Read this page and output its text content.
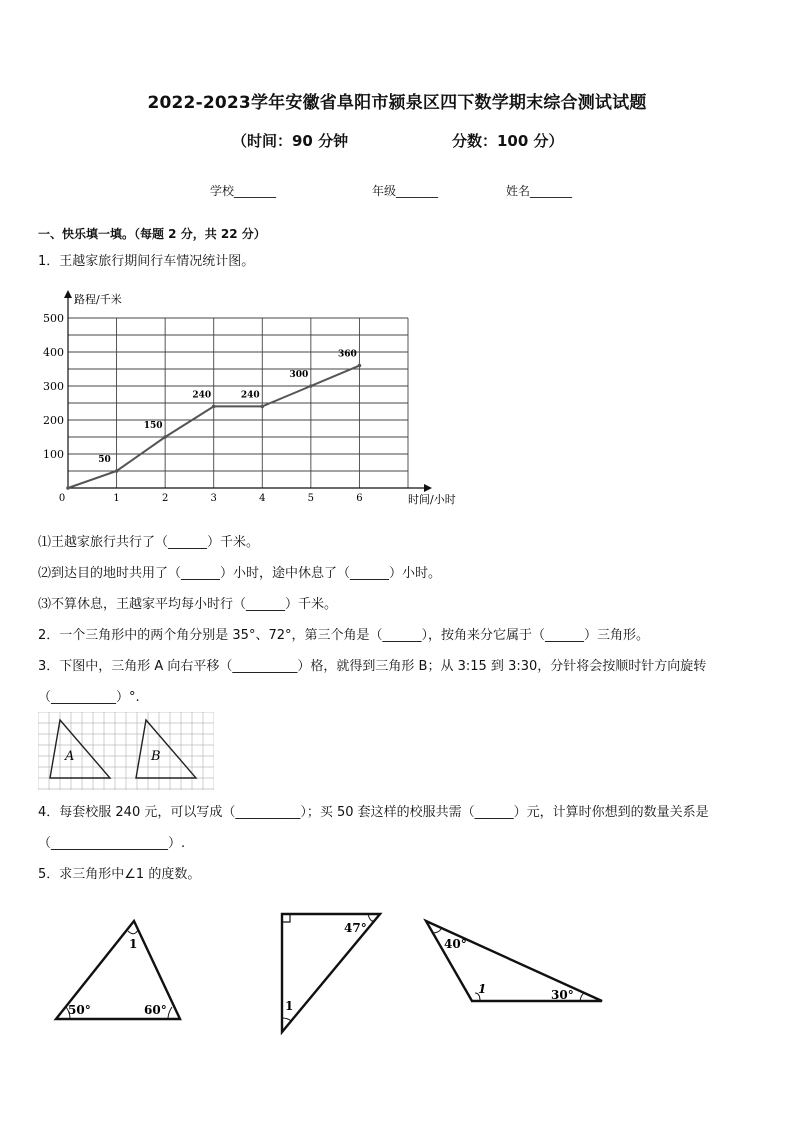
2022-2023学年安徽省阜阳市颍泉区四下数学期末综合测试试题
（时间：90 分钟	分数：100 分）
学校_______	年级_______	姓名_______
一、快乐填一填。（每题 2 分，共 22 分）
1．王越家旅行期间行车情况统计图。
0	1	2	3	4	5	6
100
200
300
400
500
50
150
240	240
300
360
路程/千米
时间/小时
⑴王越家旅行共行了（______）千米。
⑵到达目的地时共用了（______）小时，途中休息了（______）小时。
⑶不算休息，王越家平均每小时行（______）千米。
2．一个三角形中的两个角分别是 35°、72°，第三个角是（______），按角来分它属于（______）三角形。
3．下图中，三角形 A 向右平移（__________）格，就得到三角形 B；从 3:15 到 3:30，分针将会按顺时针方向旋转
（__________）°.
A	B
4．每套校服 240 元，可以写成（__________）；买 50 套这样的校服共需（______）元，计算时你想到的数量关系是
（__________________）.
5．求三角形中∠1 的度数。
1
50°	60°
47°
1
40°
1	30°
